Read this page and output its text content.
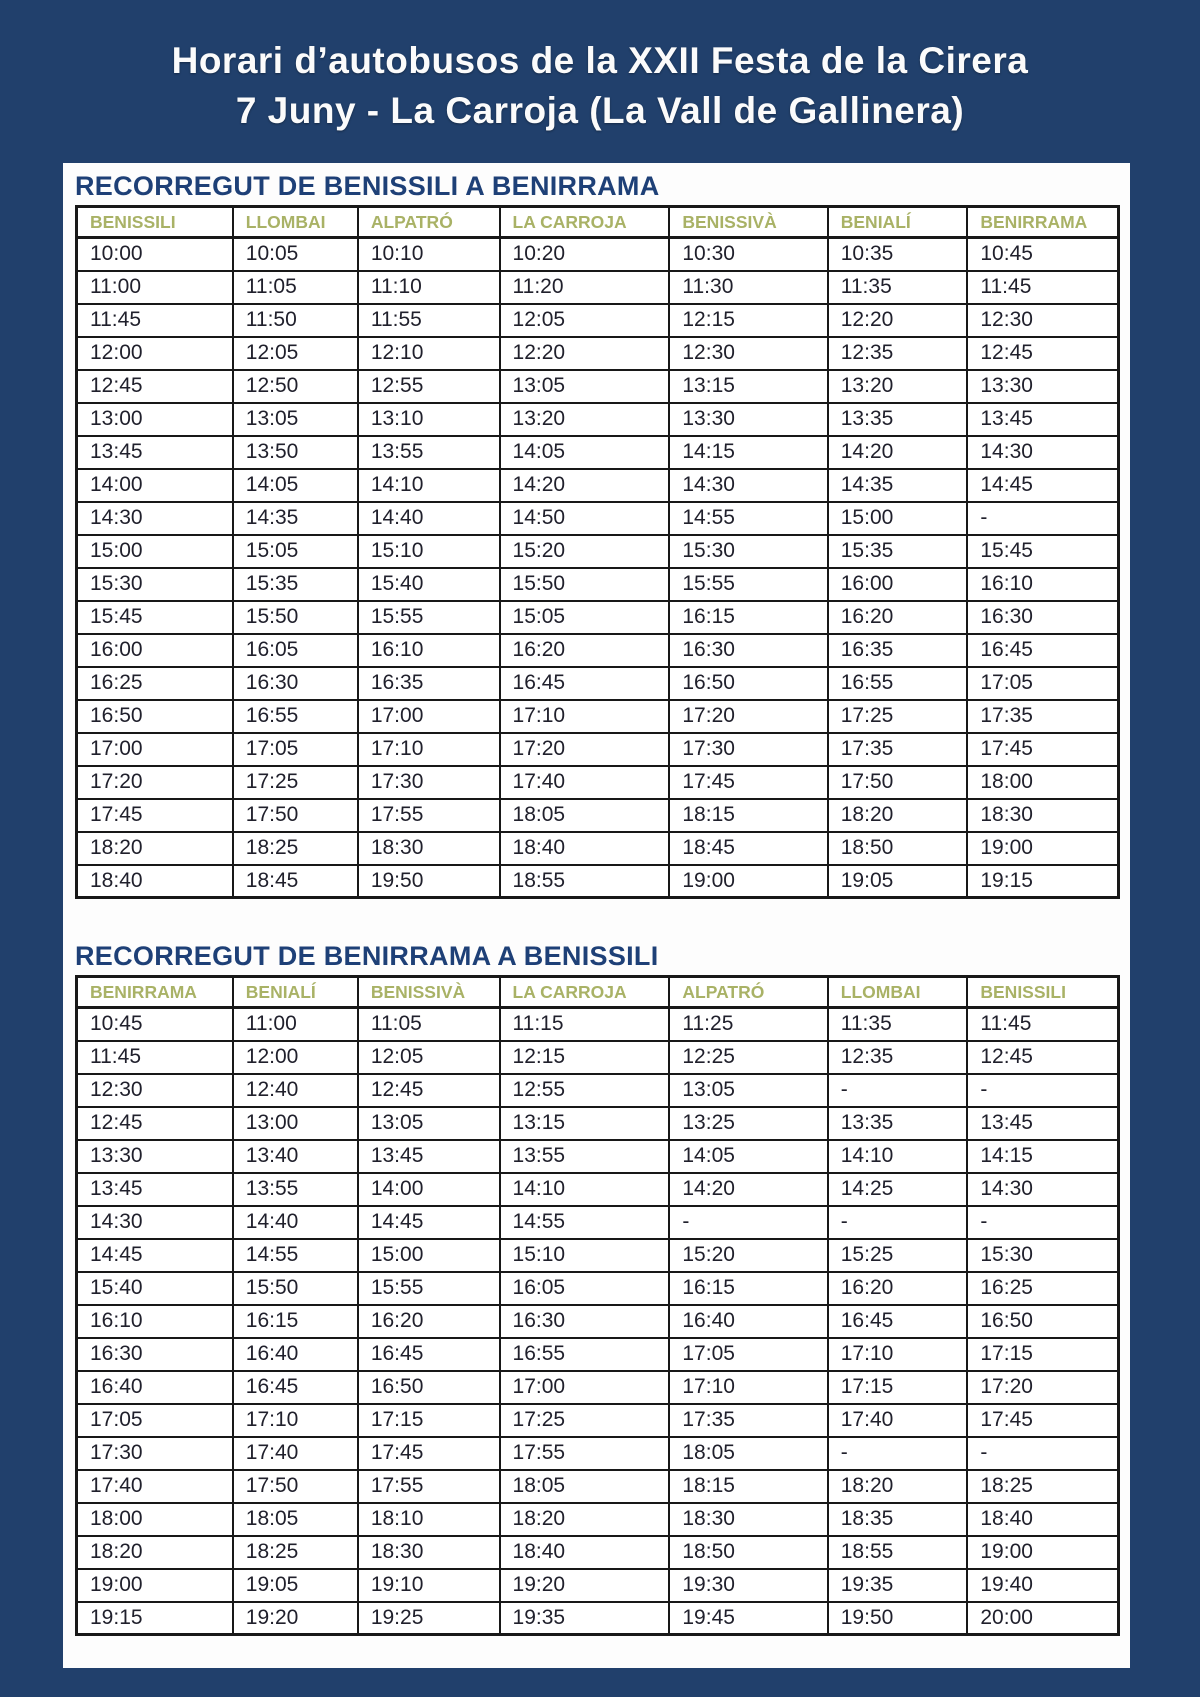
Horari d’autobusos de la XXII Festa de la Cirera
7 Juny - La Carroja (La Vall de Gallinera)
RECORREGUT DE BENISSILI A BENIRRAMA
BENISSILI	LLOMBAI	ALPATRÓ	LA CARROJA	BENISSIVÀ	BENIALÍ	BENIRRAMA
10:00	10:05	10:10	10:20	10:30	10:35	10:45
11:00	11:05	11:10	11:20	11:30	11:35	11:45
11:45	11:50	11:55	12:05	12:15	12:20	12:30
12:00	12:05	12:10	12:20	12:30	12:35	12:45
12:45	12:50	12:55	13:05	13:15	13:20	13:30
13:00	13:05	13:10	13:20	13:30	13:35	13:45
13:45	13:50	13:55	14:05	14:15	14:20	14:30
14:00	14:05	14:10	14:20	14:30	14:35	14:45
14:30	14:35	14:40	14:50	14:55	15:00	-
15:00	15:05	15:10	15:20	15:30	15:35	15:45
15:30	15:35	15:40	15:50	15:55	16:00	16:10
15:45	15:50	15:55	15:05	16:15	16:20	16:30
16:00	16:05	16:10	16:20	16:30	16:35	16:45
16:25	16:30	16:35	16:45	16:50	16:55	17:05
16:50	16:55	17:00	17:10	17:20	17:25	17:35
17:00	17:05	17:10	17:20	17:30	17:35	17:45
17:20	17:25	17:30	17:40	17:45	17:50	18:00
17:45	17:50	17:55	18:05	18:15	18:20	18:30
18:20	18:25	18:30	18:40	18:45	18:50	19:00
18:40	18:45	19:50	18:55	19:00	19:05	19:15
RECORREGUT DE BENIRRAMA A BENISSILI
BENIRRAMA	BENIALÍ	BENISSIVÀ	LA CARROJA	ALPATRÓ	LLOMBAI	BENISSILI
10:45	11:00	11:05	11:15	11:25	11:35	11:45
11:45	12:00	12:05	12:15	12:25	12:35	12:45
12:30	12:40	12:45	12:55	13:05	-	-
12:45	13:00	13:05	13:15	13:25	13:35	13:45
13:30	13:40	13:45	13:55	14:05	14:10	14:15
13:45	13:55	14:00	14:10	14:20	14:25	14:30
14:30	14:40	14:45	14:55	-	-	-
14:45	14:55	15:00	15:10	15:20	15:25	15:30
15:40	15:50	15:55	16:05	16:15	16:20	16:25
16:10	16:15	16:20	16:30	16:40	16:45	16:50
16:30	16:40	16:45	16:55	17:05	17:10	17:15
16:40	16:45	16:50	17:00	17:10	17:15	17:20
17:05	17:10	17:15	17:25	17:35	17:40	17:45
17:30	17:40	17:45	17:55	18:05	-	-
17:40	17:50	17:55	18:05	18:15	18:20	18:25
18:00	18:05	18:10	18:20	18:30	18:35	18:40
18:20	18:25	18:30	18:40	18:50	18:55	19:00
19:00	19:05	19:10	19:20	19:30	19:35	19:40
19:15	19:20	19:25	19:35	19:45	19:50	20:00
